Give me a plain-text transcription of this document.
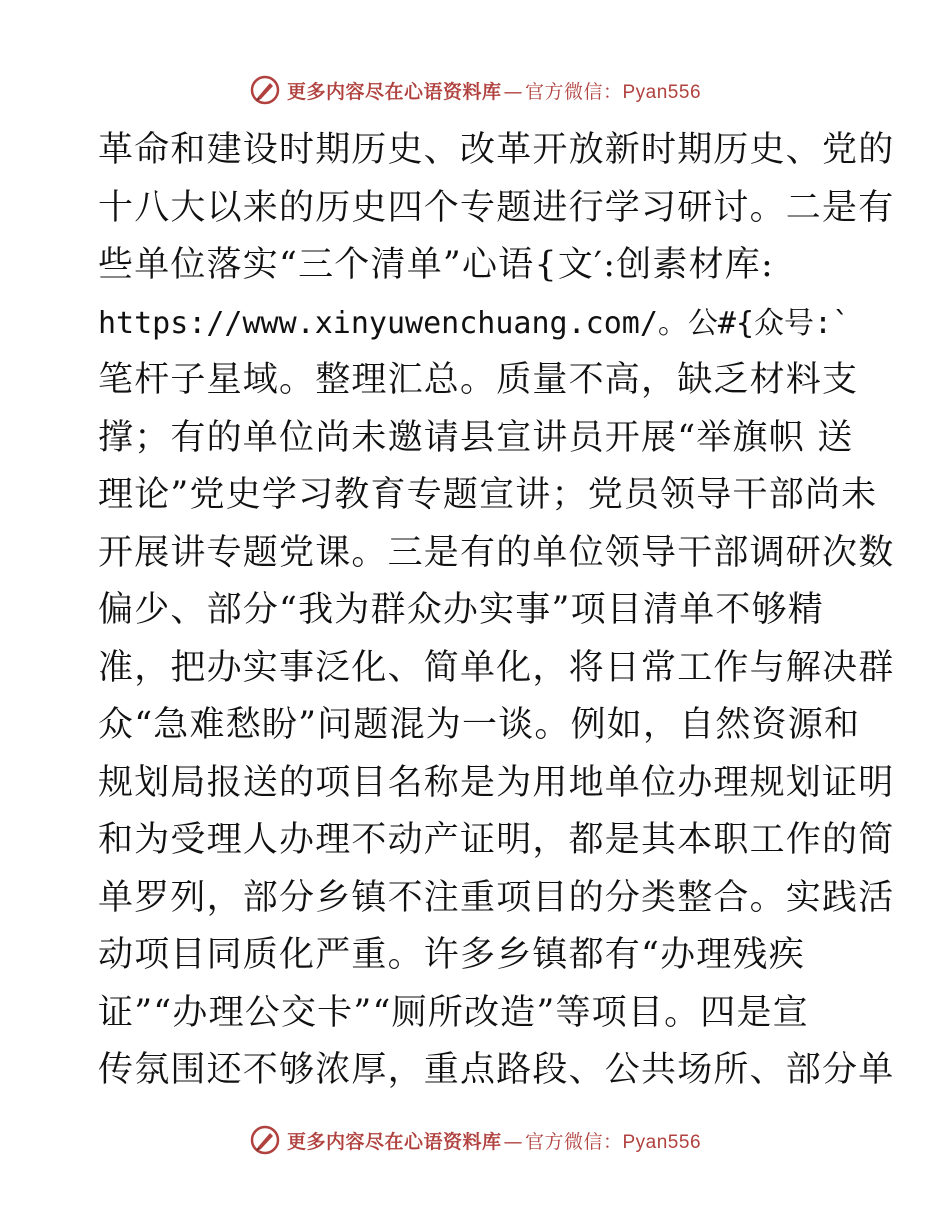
更多内容尽在心语资料库 — 官方微信：Pyan556
革命和建设时期历史、改革开放新时期历史、党的
十八大以来的历史四个专题进行学习研讨。二是有
些单位落实“三个清单”心语{文′:创素材库:
https://www.xinyuwenchuang.com/。公#{众号:`
笔杆子星域。整理汇总。质量不高，缺乏材料支
撑；有的单位尚未邀请县宣讲员开展“举旗帜 送
理论”党史学习教育专题宣讲；党员领导干部尚未
开展讲专题党课。三是有的单位领导干部调研次数
偏少、部分“我为群众办实事”项目清单不够精
准，把办实事泛化、简单化，将日常工作与解决群
众“急难愁盼”问题混为一谈。例如，自然资源和
规划局报送的项目名称是为用地单位办理规划证明
和为受理人办理不动产证明，都是其本职工作的简
单罗列，部分乡镇不注重项目的分类整合。实践活
动项目同质化严重。许多乡镇都有“办理残疾
证”“办理公交卡”“厕所改造”等项目。四是宣
传氛围还不够浓厚，重点路段、公共场所、部分单
更多内容尽在心语资料库 — 官方微信：Pyan556
